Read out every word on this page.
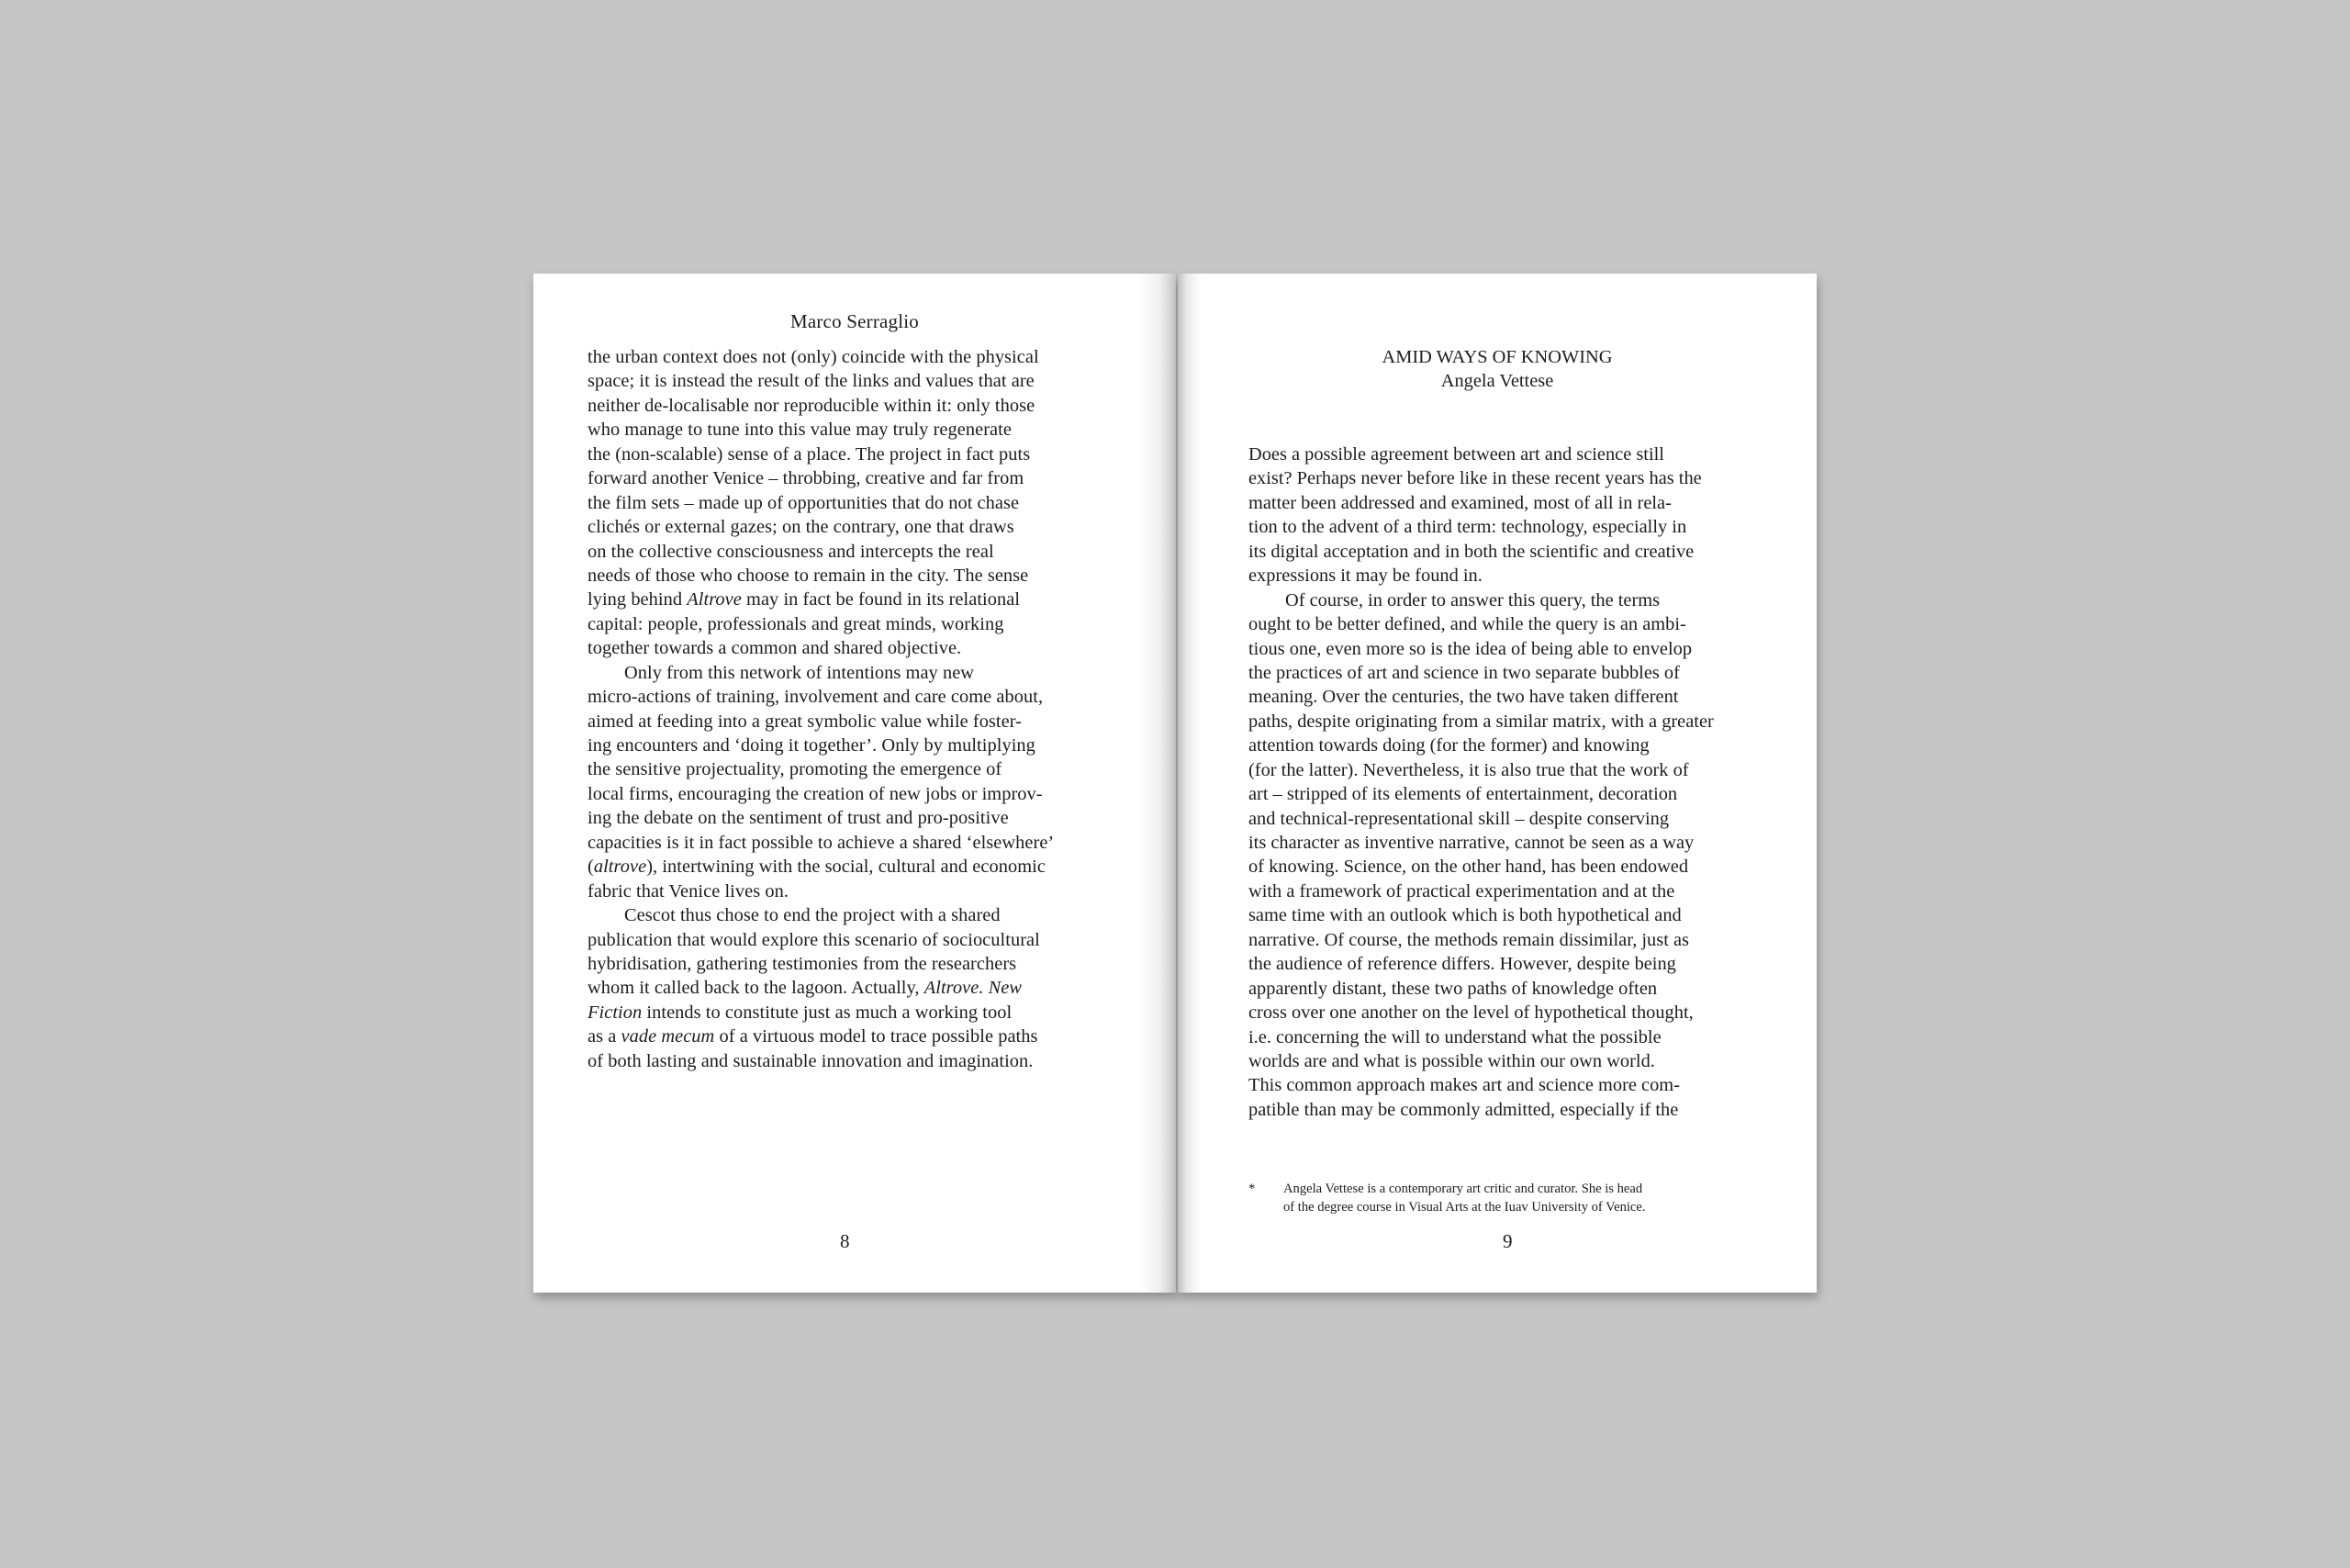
Marco Serraglio
the urban context does not (only) coincide with the physical
space; it is instead the result of the links and values that are
neither de-localisable nor reproducible within it: only those
who manage to tune into this value may truly regenerate
the (non-scalable) sense of a place. The project in fact puts
forward another Venice – throbbing, creative and far from
the film sets – made up of opportunities that do not chase
clichés or external gazes; on the contrary, one that draws
on the collective consciousness and intercepts the real
needs of those who choose to remain in the city. The sense
lying behind Altrove may in fact be found in its relational
capital: people, professionals and great minds, working
together towards a common and shared objective.
Only from this network of intentions may new
micro-actions of training, involvement and care come about,
aimed at feeding into a great symbolic value while foster-
ing encounters and ‘doing it together’. Only by multiplying
the sensitive projectuality, promoting the emergence of
local firms, encouraging the creation of new jobs or improv-
ing the debate on the sentiment of trust and pro-positive
capacities is it in fact possible to achieve a shared ‘elsewhere’
(altrove), intertwining with the social, cultural and economic
fabric that Venice lives on.
Cescot thus chose to end the project with a shared
publication that would explore this scenario of sociocultural
hybridisation, gathering testimonies from the researchers
whom it called back to the lagoon. Actually, Altrove. New
Fiction intends to constitute just as much a working tool
as a vade mecum of a virtuous model to trace possible paths
of both lasting and sustainable innovation and imagination.
8
AMID WAYS OF KNOWING
Angela Vettese
Does a possible agreement between art and science still
exist? Perhaps never before like in these recent years has the
matter been addressed and examined, most of all in rela-
tion to the advent of a third term: technology, especially in
its digital acceptation and in both the scientific and creative
expressions it may be found in.
Of course, in order to answer this query, the terms
ought to be better defined, and while the query is an ambi-
tious one, even more so is the idea of being able to envelop
the practices of art and science in two separate bubbles of
meaning. Over the centuries, the two have taken different
paths, despite originating from a similar matrix, with a greater
attention towards doing (for the former) and knowing
(for the latter). Nevertheless, it is also true that the work of
art – stripped of its elements of entertainment, decoration
and technical-representational skill – despite conserving
its character as inventive narrative, cannot be seen as a way
of knowing. Science, on the other hand, has been endowed
with a framework of practical experimentation and at the
same time with an outlook which is both hypothetical and
narrative. Of course, the methods remain dissimilar, just as
the audience of reference differs. However, despite being
apparently distant, these two paths of knowledge often
cross over one another on the level of hypothetical thought,
i.e. concerning the will to understand what the possible
worlds are and what is possible within our own world.
This common approach makes art and science more com-
patible than may be commonly admitted, especially if the
* Angela Vettese is a contemporary art critic and curator. She is head
of the degree course in Visual Arts at the Iuav University of Venice.
9
